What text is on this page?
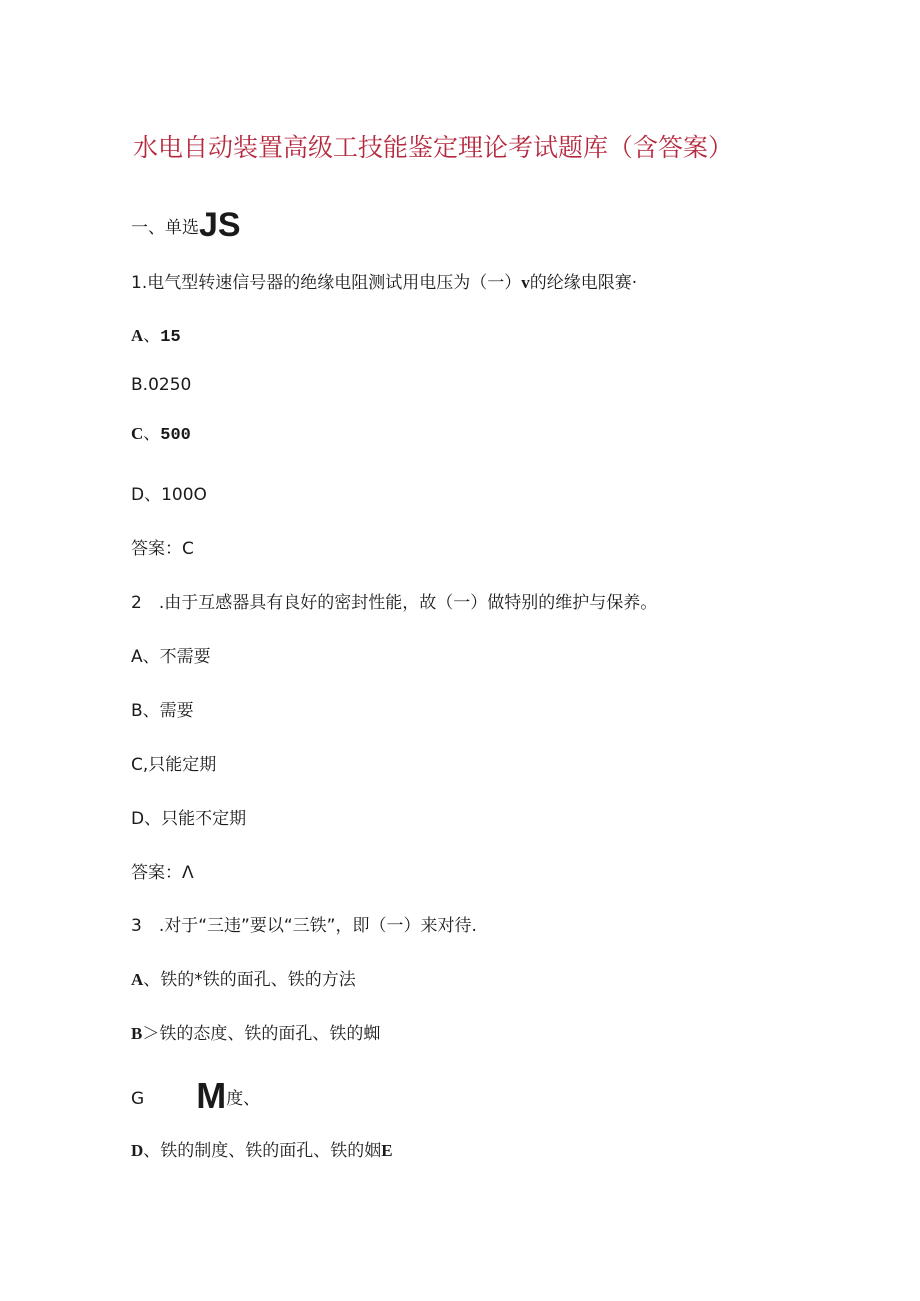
水电自动装置高级工技能鉴定理论考试题库（含答案）
一、单选JS
1.电气型转速信号器的绝缘电阻测试用电压为（一）v的纶缘电限赛·
A、15
B.0250
C、500
D、100O
答案：C
2　.由于互感器具有良好的密封性能，故（一）做特别的维护与保养。
A、不需要
B、需要
C,只能定期
D、只能不定期
答案：Λ
3　.对于“三违”要以“三铁”，即（一）来对待.
A、铁的*铁的面孔、铁的方法
B＞铁的态度、铁的面孔、铁的蜘
G M度、
D、铁的制度、铁的面孔、铁的姻E
